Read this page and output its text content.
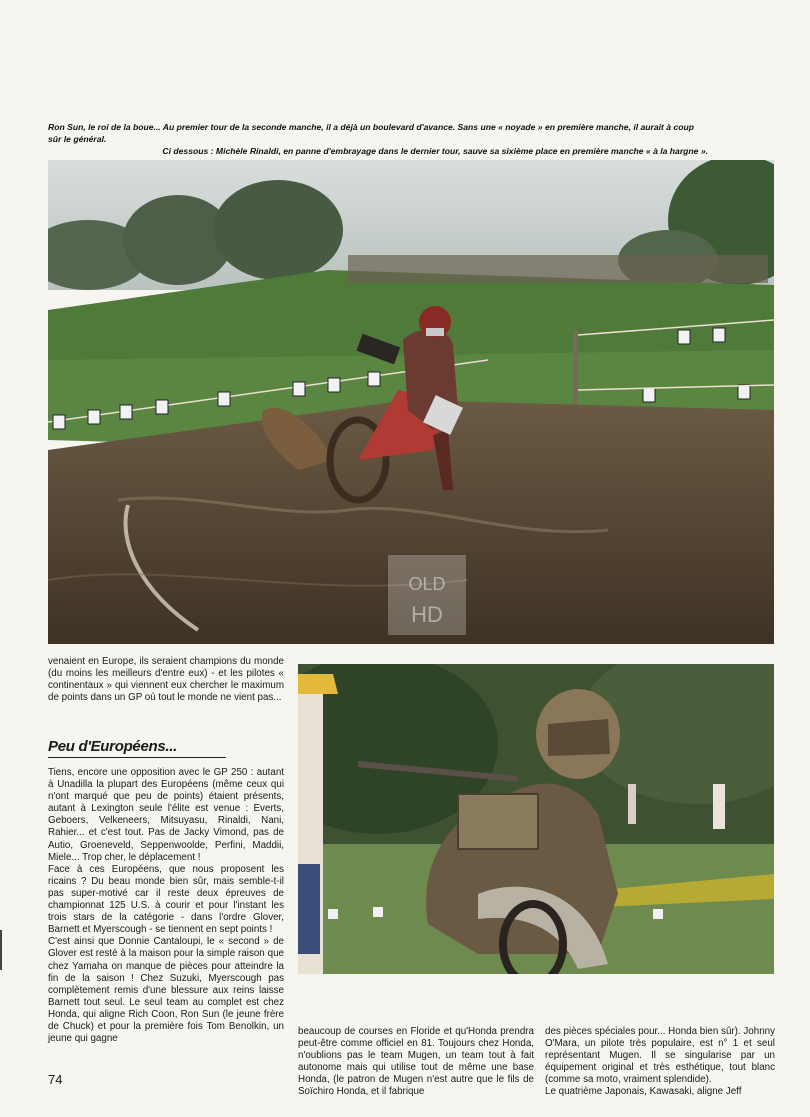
Ron Sun, le roi de la boue... Au premier tour de la seconde manche, il a déjà un boulevard d'avance. Sans une « noyade » en première manche, il aurait à coup sûr le général.

Ci dessous : Michèle Rinaldi, en panne d'embrayage dans le dernier tour, sauve sa sixième place en première manche « à la hargne ».

OLD
HD

venaient en Europe, ils seraient champions du monde (du moins les meilleurs d'entre eux) - et les pilotes « continentaux » qui viennent eux chercher le maximum de points dans un GP où tout le monde ne vient pas...

Peu d'Européens...

Tiens, encore une opposition avec le GP 250 : autant à Unadilla la plupart des Européens (même ceux qui n'ont marqué que peu de points) étaient présents, autant à Lexington seule l'élite est venue : Everts, Geboers, Velkeneers, Mitsuyasu, Rinaldi, Nani, Rahier... et c'est tout. Pas de Jacky Vimond, pas de Autio, Groeneveld, Seppenwoolde, Perfini, Maddii, Miele... Trop cher, le déplacement !

Face à ces Européens, que nous proposent les ricains ? Du beau monde bien sûr, mais semble-t-il pas super-motivé car il reste deux épreuves de championnat 125 U.S. à courir et pour l'instant les trois stars de la catégorie - dans l'ordre Glover, Barnett et Myerscough - se tiennent en sept points !

C'est ainsi que Donnie Cantaloupi, le « second » de Glover est resté à la maison pour la simple raison que chez Yamaha on manque de pièces pour atteindre la fin de la saison ! Chez Suzuki, Myerscough pas complètement remis d'une blessure aux reins laisse Barnett tout seul. Le seul team au complet est chez Honda, qui aligne Rich Coon, Ron Sun (le jeune frère de Chuck) et pour la première fois Tom Benolkin, un jeune qui gagne

beaucoup de courses en Floride et qu'Honda prendra peut-être comme officiel en 81. Toujours chez Honda, n'oublions pas le team Mugen, un team tout à fait autonome mais qui utilise tout de même une base Honda, (le patron de Mugen n'est autre que le fils de Soïchiro Honda, et il fabrique

des pièces spéciales pour... Honda bien sûr). Johnny O'Mara, un pilote très populaire, est n° 1 et seul représentant Mugen. Il se singularise par un équipement original et très esthétique, tout blanc (comme sa moto, vraiment splendide).

Le quatrième Japonais, Kawasaki, aligne Jeff

74
